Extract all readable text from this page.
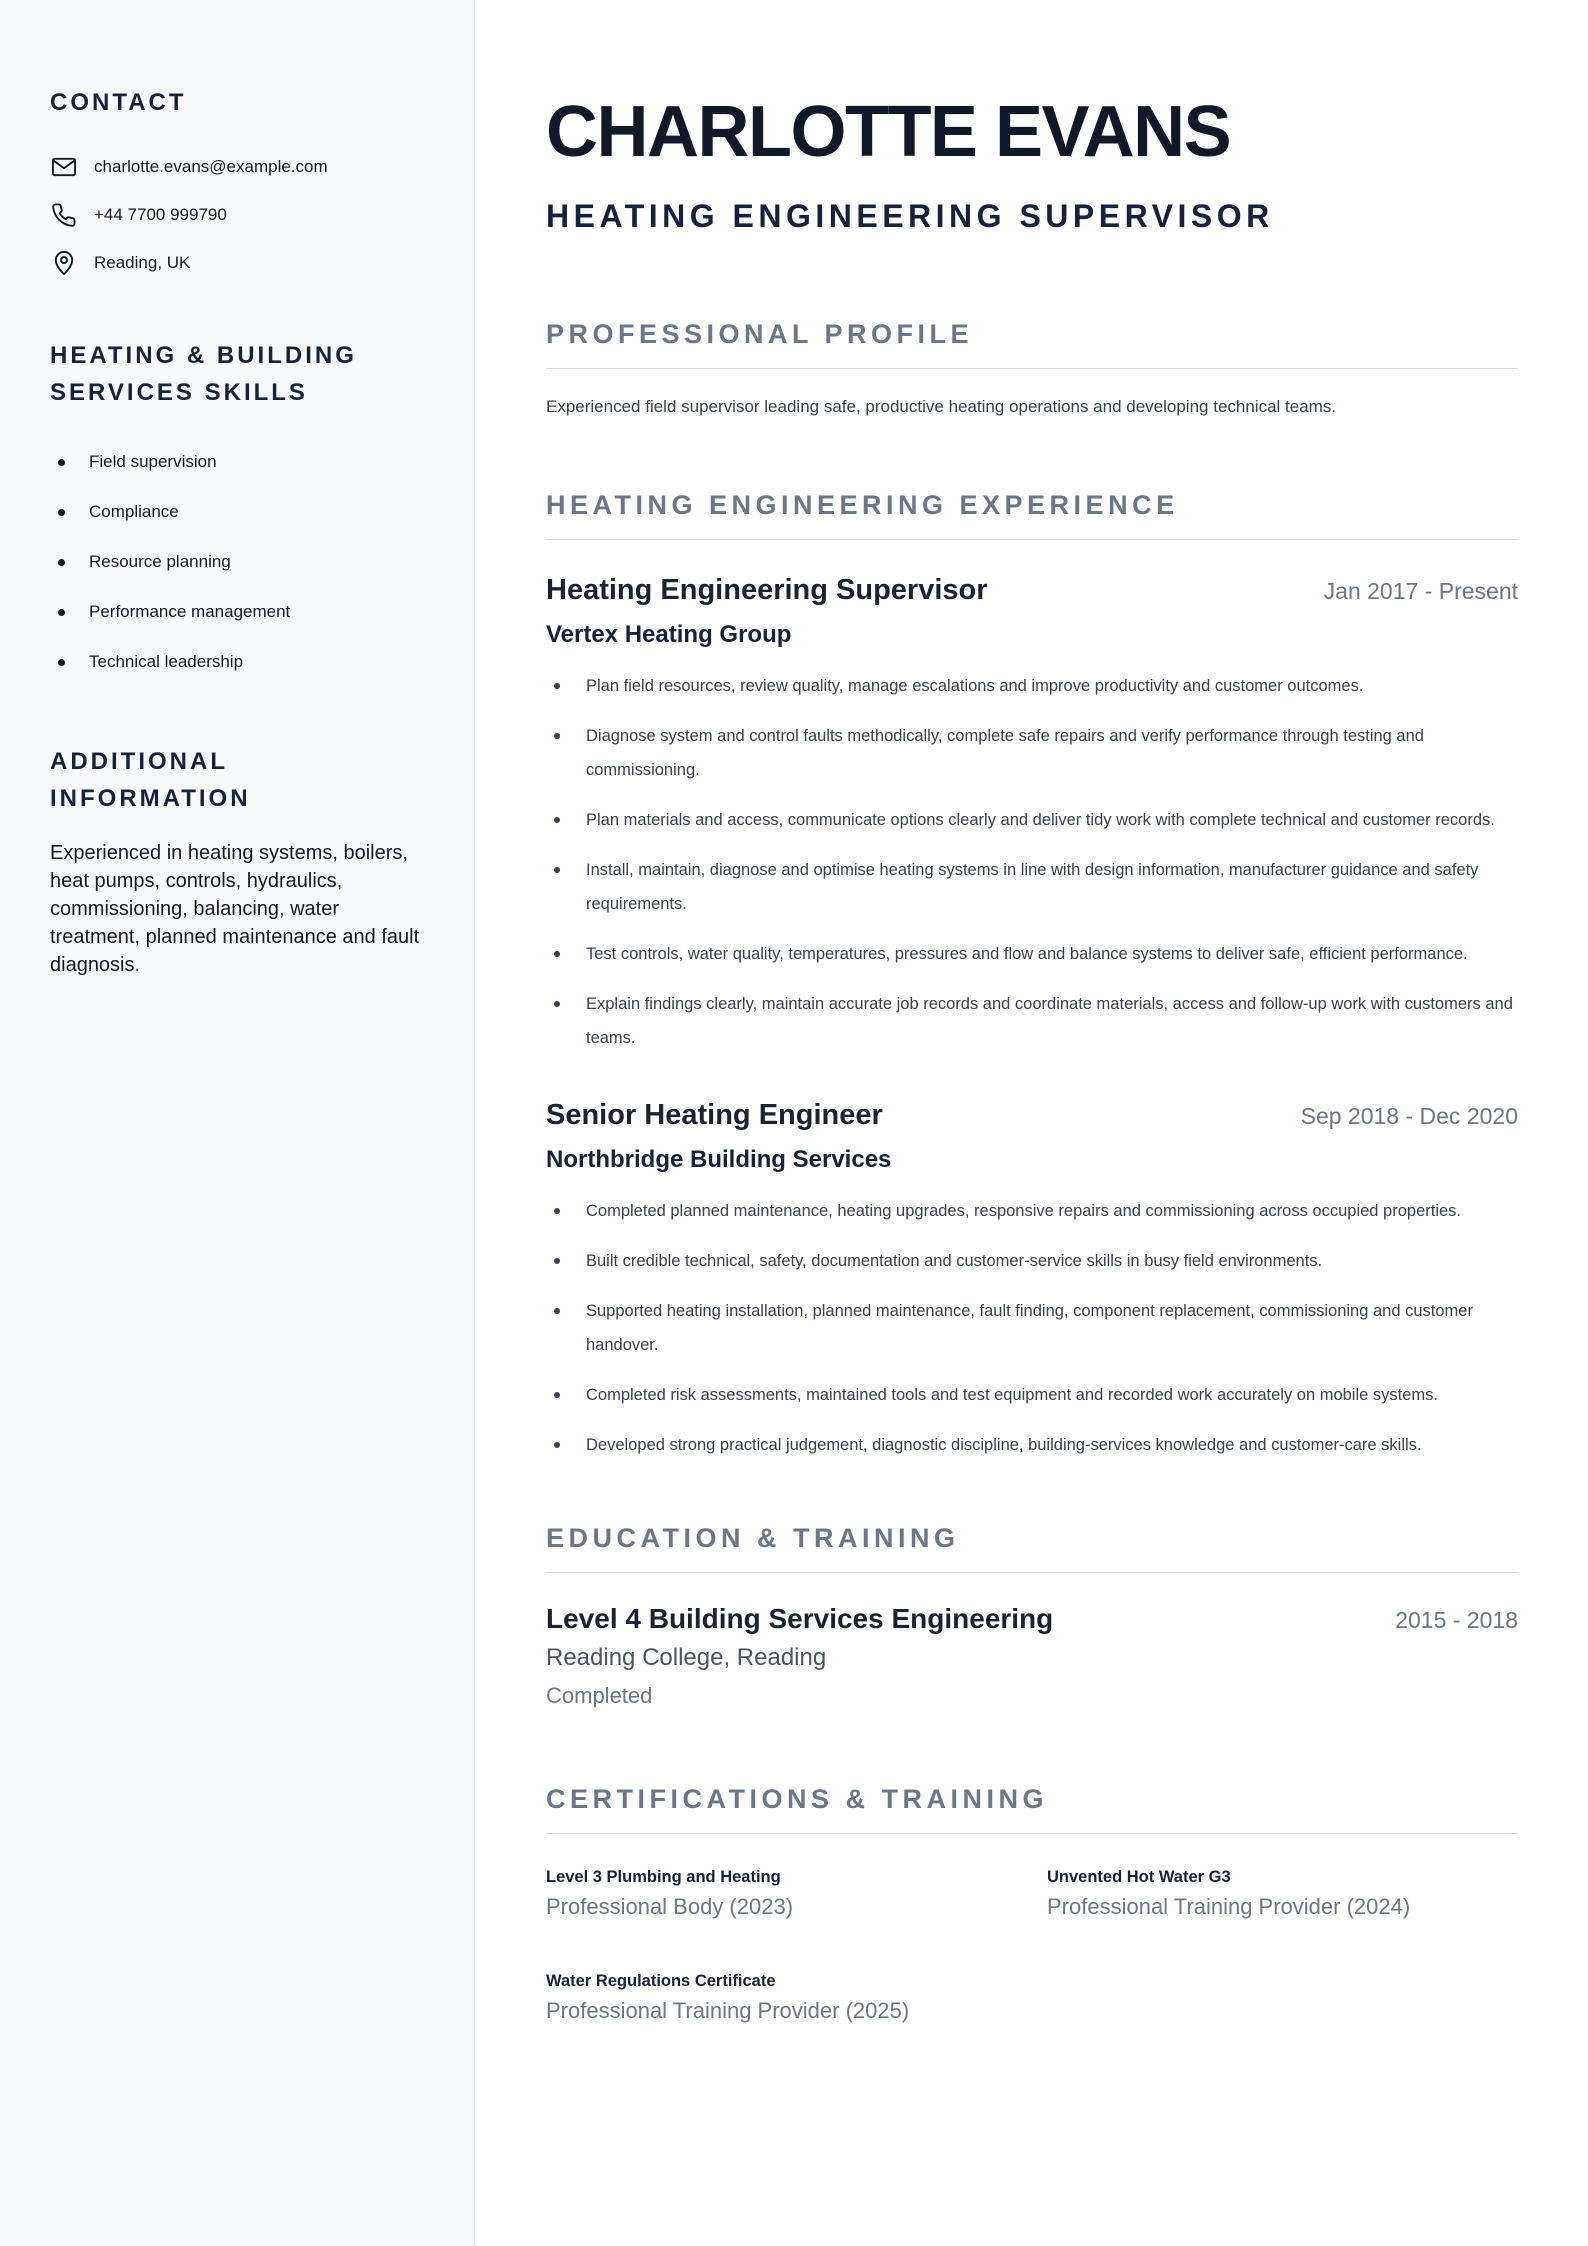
CONTACT
charlotte.evans@example.com
+44 7700 999790
Reading, UK
HEATING & BUILDING SERVICES SKILLS
Field supervision
Compliance
Resource planning
Performance management
Technical leadership
ADDITIONAL INFORMATION

Experienced in heating systems, boilers, heat pumps, controls, hydraulics, commissioning, balancing, water treatment, planned maintenance and fault diagnosis.

CHARLOTTE EVANS
HEATING ENGINEERING SUPERVISOR
PROFESSIONAL PROFILE

Experienced field supervisor leading safe, productive heating operations and developing technical teams.

HEATING ENGINEERING EXPERIENCE
Heating Engineering Supervisor	Jan 2017 - Present
Vertex Heating Group
Plan field resources, review quality, manage escalations and improve productivity and customer outcomes.
Diagnose system and control faults methodically, complete safe repairs and verify performance through testing and commissioning.
Plan materials and access, communicate options clearly and deliver tidy work with complete technical and customer records.
Install, maintain, diagnose and optimise heating systems in line with design information, manufacturer guidance and safety requirements.
Test controls, water quality, temperatures, pressures and flow and balance systems to deliver safe, efficient performance.
Explain findings clearly, maintain accurate job records and coordinate materials, access and follow-up work with customers and teams.
Senior Heating Engineer	Sep 2018 - Dec 2020
Northbridge Building Services
Completed planned maintenance, heating upgrades, responsive repairs and commissioning across occupied properties.
Built credible technical, safety, documentation and customer-service skills in busy field environments.
Supported heating installation, planned maintenance, fault finding, component replacement, commissioning and customer handover.
Completed risk assessments, maintained tools and test equipment and recorded work accurately on mobile systems.
Developed strong practical judgement, diagnostic discipline, building-services knowledge and customer-care skills.
EDUCATION & TRAINING
Level 4 Building Services Engineering	2015 - 2018
Reading College, Reading
Completed
CERTIFICATIONS & TRAINING
Level 3 Plumbing and Heating
Professional Body (2023)
Unvented Hot Water G3
Professional Training Provider (2024)
Water Regulations Certificate
Professional Training Provider (2025)
